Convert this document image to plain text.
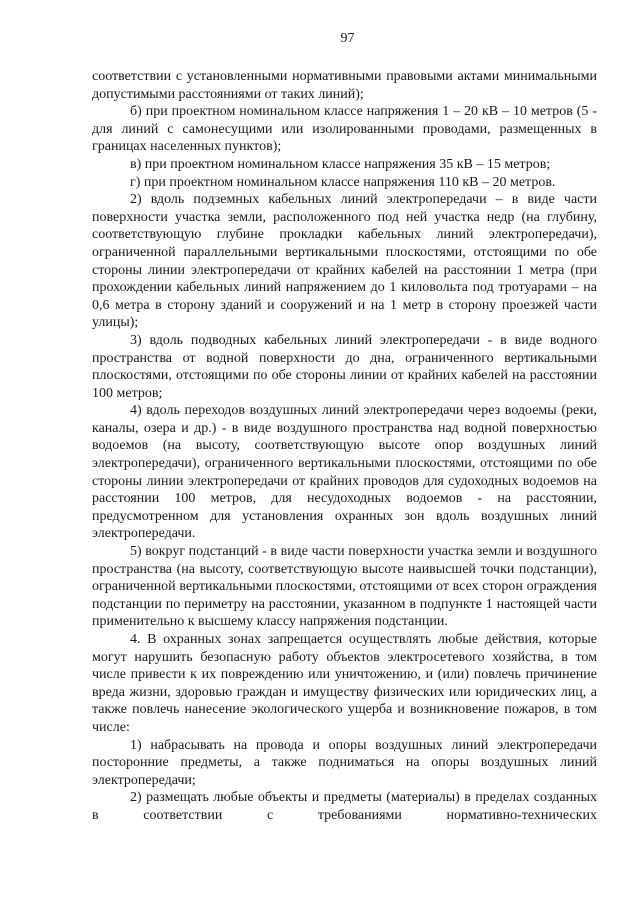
97

соответствии с установленными нормативными правовыми актами минимальными допустимыми расстояниями от таких линий);

б) при проектном номинальном классе напряжения 1 – 20 кВ – 10 метров (5 - для линий с самонесущими или изолированными проводами, размещенных в границах населенных пунктов);

в) при проектном номинальном классе напряжения 35 кВ – 15 метров;

г) при проектном номинальном классе напряжения 110 кВ – 20 метров.

2) вдоль подземных кабельных линий электропередачи – в виде части поверхности участка земли, расположенного под ней участка недр (на глубину, соответствующую глубине прокладки кабельных линий электропередачи), ограниченной параллельными вертикальными плоскостями, отстоящими по обе стороны линии электропередачи от крайних кабелей на расстоянии 1 метра (при прохождении кабельных линий напряжением до 1 киловольта под тротуарами – на 0,6 метра в сторону зданий и сооружений и на 1 метр в сторону проезжей части улицы);

3) вдоль подводных кабельных линий электропередачи - в виде водного пространства от водной поверхности до дна, ограниченного вертикальными плоскостями, отстоящими по обе стороны линии от крайних кабелей на расстоянии 100 метров;

4) вдоль переходов воздушных линий электропередачи через водоемы (реки, каналы, озера и др.) - в виде воздушного пространства над водной поверхностью водоемов (на высоту, соответствующую высоте опор воздушных линий электропередачи), ограниченного вертикальными плоскостями, отстоящими по обе стороны линии электропередачи от крайних проводов для судоходных водоемов на расстоянии 100 метров, для несудоходных водоемов - на расстоянии, предусмотренном для установления охранных зон вдоль воздушных линий электропередачи.

5) вокруг подстанций - в виде части поверхности участка земли и воздушного пространства (на высоту, соответствующую высоте наивысшей точки подстанции), ограниченной вертикальными плоскостями, отстоящими от всех сторон ограждения подстанции по периметру на расстоянии, указанном в подпункте 1 настоящей части применительно к высшему классу напряжения подстанции.

4. В охранных зонах запрещается осуществлять любые действия, которые могут нарушить безопасную работу объектов электросетевого хозяйства, в том числе привести к их повреждению или уничтожению, и (или) повлечь причинение вреда жизни, здоровью граждан и имуществу физических или юридических лиц, а также повлечь нанесение экологического ущерба и возникновение пожаров, в том числе:

1) набрасывать на провода и опоры воздушных линий электропередачи посторонние предметы, а также подниматься на опоры воздушных линий электропередачи;

2) размещать любые объекты и предметы (материалы) в пределах созданных в соответствии с требованиями нормативно-технических
